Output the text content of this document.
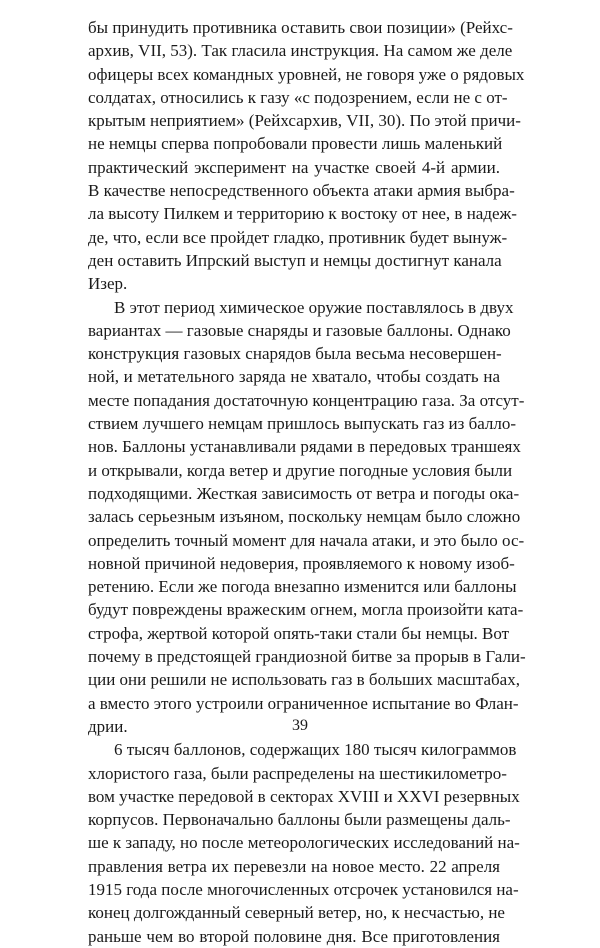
бы принудить противника оставить свои позиции» (Рейхс-
архив, VII, 53). Так гласила инструкция. На самом же деле
офицеры всех командных уровней, не говоря уже о рядовых
солдатах, относились к газу «с подозрением, если не с от-
крытым неприятием» (Рейхсархив, VII, 30). По этой причи-
не немцы сперва попробовали провести лишь маленький
практический эксперимент на участке своей 4-й армии.
В качестве непосредственного объекта атаки армия выбра-
ла высоту Пилкем и территорию к востоку от нее, в надеж-
де, что, если все пройдет гладко, противник будет вынуж-
ден оставить Ипрский выступ и немцы достигнут канала
Изер.
В этот период химическое оружие поставлялось в двух
вариантах — газовые снаряды и газовые баллоны. Однако
конструкция газовых снарядов была весьма несовершен-
ной, и метательного заряда не хватало, чтобы создать на
месте попадания достаточную концентрацию газа. За отсут-
ствием лучшего немцам пришлось выпускать газ из балло-
нов. Баллоны устанавливали рядами в передовых траншеях
и открывали, когда ветер и другие погодные условия были
подходящими. Жесткая зависимость от ветра и погоды ока-
залась серьезным изъяном, поскольку немцам было сложно
определить точный момент для начала атаки, и это было ос-
новной причиной недоверия, проявляемого к новому изоб-
ретению. Если же погода внезапно изменится или баллоны
будут повреждены вражеским огнем, могла произойти ката-
строфа, жертвой которой опять-таки стали бы немцы. Вот
почему в предстоящей грандиозной битве за прорыв в Гали-
ции они решили не использовать газ в больших масштабах,
а вместо этого устроили ограниченное испытание во Флан-
дрии.
6 тысяч баллонов, содержащих 180 тысяч килограммов
хлористого газа, были распределены на шестикилометро-
вом участке передовой в секторах XVIII и XXVI резервных
корпусов. Первоначально баллоны были размещены даль-
ше к западу, но после метеорологических исследований на-
правления ветра их перевезли на новое место. 22 апреля
1915 года после многочисленных отсрочек установился на-
конец долгожданный северный ветер, но, к несчастью, не
раньше чем во второй половине дня. Все приготовления
39
